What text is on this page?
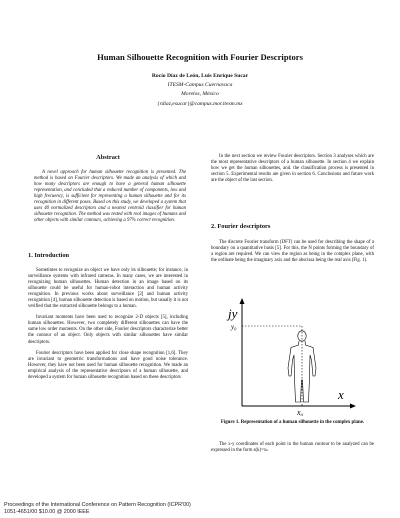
Human Silhouette Recognition with Fourier Descriptors
Rocío Díaz de León, Luis Enrique Sucar
ITESM-Campus Cuernavaca
Morelos, México
{rdiaz,esucar}@campus.mor.itesm.mx
Abstract
A novel approach for human silhouette recognition is presented. The method is based on Fourier descriptors. We made an analysis of which and how many descriptors are enough to have a general human silhouette representation, and concluded that a reduced number of components, low and high frecuency, is sufficient for representing a human silhouette and for its recognition in different poses. Based on this study, we developed a system that uses 40 normalized descriptors and a nearest centroid classifier for human silhouette recognition. The method was tested with real images of humans and other objects with similar contours, achieving a 97% correct recognition.
1. Introduction

Sometimes to recognize an object we have only its silhouette; for instance, in surveillance systems with infrared cameras. In many cases, we are interested in recognizing human silhouettes. Human detection in an image based on its silhouette could be useful for human-robot interaction and human activity recognition. In previous works about surveillance [2] and human activity recognition [4], human silhouette detection is based on motion, but usually it is not verified that the extracted silhouette belongs to a human.

Invariant moments have been used to recognize 2-D objects [5], including human silhouettes. However, two completely different silhouettes can have the same low order moments. On the other side, Fourier descriptors characterize better the contour of an object. Only objects with similar silhouettes have similar descriptors.

Fourier descriptors have been applied for close shape recognition [1,6]. They are invariant to geometric transformations and have good noise tolerance. However, they have not been used for human silhouette recognition. We made an empirical analysis of the representative descriptors of a human silhouette, and developed a system for human silhouette recognition based on these descriptors

In the next section we review Fourier descriptors. Section 3 analyses which are the most representative descriptors of a human silhouette. In section 4 we explain how we get the human silhouettes, and. the classification process is presented in section 5. Experimental results are given in section 6. Conclusions and future work are the object of the last section.

2. Fourier descriptors

The discrete Fourier transform (DFT) can be used for describing the shape of a boundary on a quantitative basis [5]. For this, the N points forming the boundary of a region are required. We can view the region as being in the complex plane, with the ordinate being the imaginary axis and the abscissa being the real axis (Fig. 1).

jy
y₀
x
x₀
Figure 1. Representation of a human silhouette in the complex plane.
The x-y coordinates of each point in the human contour to be analyzed can be expressed in the form s(k)=xₖ
Proceedings of the International Conference on Pattern Recognition (ICPR'00)
1051-4651/00 $10.00 @ 2000 IEEE
